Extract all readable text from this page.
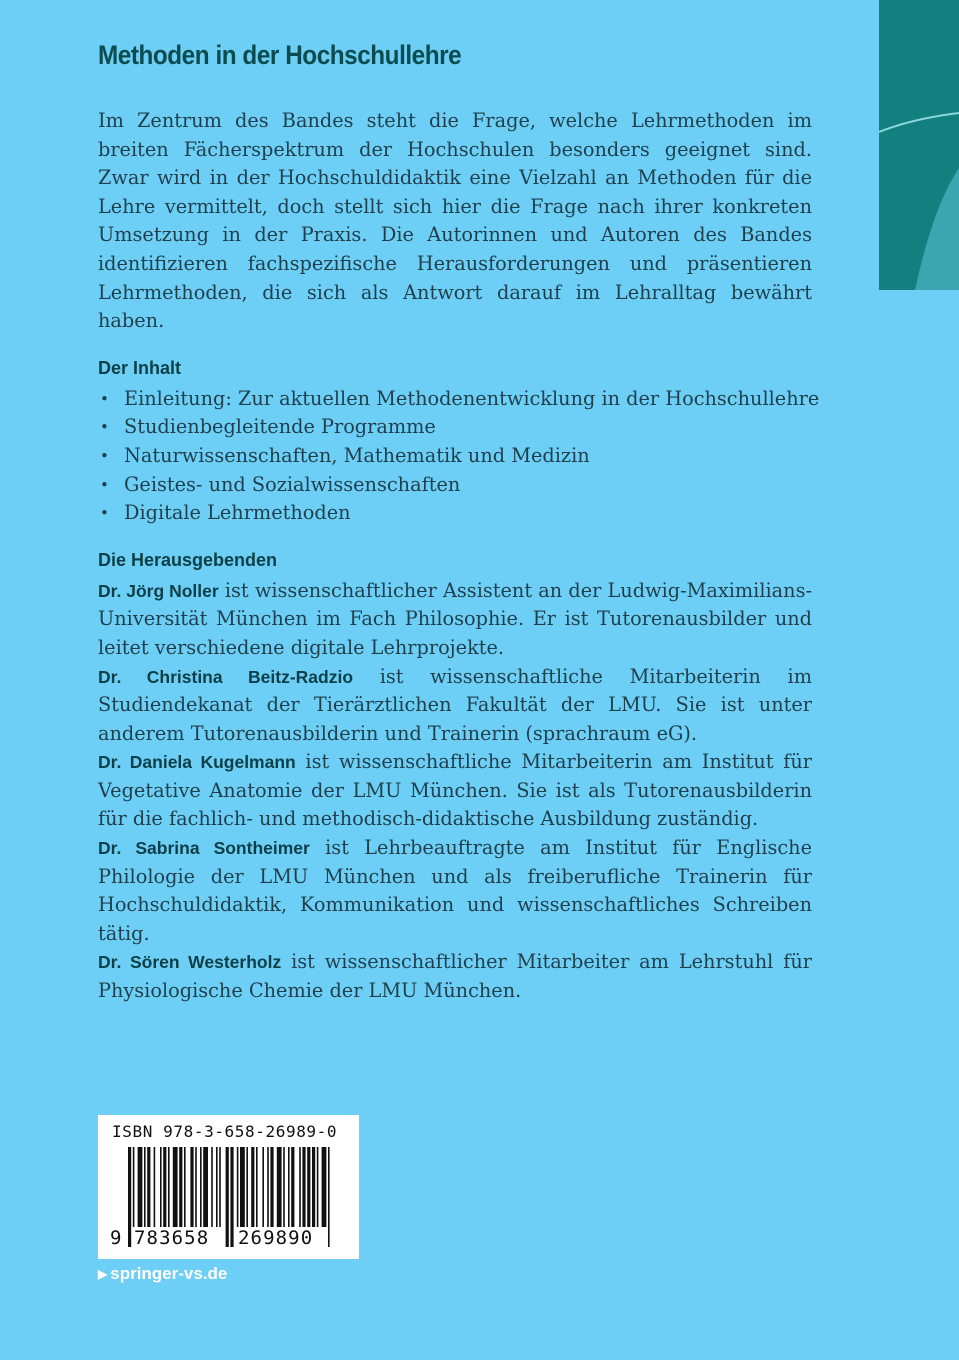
Methoden in der Hochschullehre

Im Zentrum des Bandes steht die Frage, welche Lehrmethoden im breiten Fächerspektrum der Hochschulen besonders geeignet sind. Zwar wird in der Hochschuldidaktik eine Vielzahl an Methoden für die Lehre vermittelt, doch stellt sich hier die Frage nach ihrer konkreten Umsetzung in der Praxis. Die Autorinnen und Autoren des Bandes identifizieren fachspezifische Herausforderungen und präsentieren Lehrmethoden, die sich als Antwort darauf im Lehralltag bewährt haben.

Der Inhalt
• Einleitung: Zur aktuellen Methodenentwicklung in der Hochschullehre
• Studienbegleitende Programme
• Naturwissenschaften, Mathematik und Medizin
• Geistes- und Sozialwissenschaften
• Digitale Lehrmethoden
Die Herausgebenden

Dr. Jörg Noller ist wissenschaftlicher Assistent an der Ludwig-Maximilians-Universität München im Fach Philosophie. Er ist Tutorenausbilder und leitet verschiedene digitale Lehrprojekte.

Dr. Christina Beitz-Radzio ist wissenschaftliche Mitarbeiterin im Studiendekanat der Tierärztlichen Fakultät der LMU. Sie ist unter anderem Tutorenausbilderin und Trainerin (sprachraum eG).

Dr. Daniela Kugelmann ist wissenschaftliche Mitarbeiterin am Institut für Vegetative Anatomie der LMU München. Sie ist als Tutorenausbilderin für die fachlich- und methodisch-didaktische Ausbildung zuständig.

Dr. Sabrina Sontheimer ist Lehrbeauftragte am Institut für Englische Philologie der LMU München und als freiberufliche Trainerin für Hochschuldidaktik, Kommunikation und wissenschaftliches Schreiben tätig.

Dr. Sören Westerholz ist wissenschaftlicher Mitarbeiter am Lehrstuhl für Physiologische Chemie der LMU München.

ISBN 978-3-658-26989-0
9 783658 269890
▶ springer-vs.de
